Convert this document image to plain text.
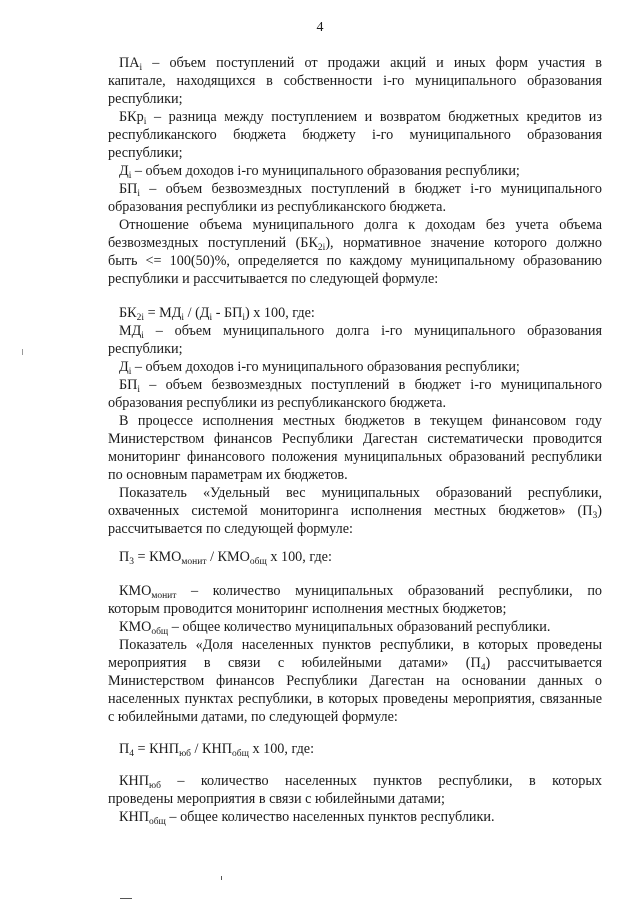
4
$ПА_i$ – объем поступлений от продажи акций и иных форм участия в
капитале, находящихся в собственности i-го муниципального образования
республики;
БКр$_i$ – разница между поступлением и возвратом бюджетных кредитов из
республиканского бюджета бюджету i-го муниципального образования
республики;
$Д_i$ – объем доходов i-го муниципального образования республики;
$БП_i$ – объем безвозмездных поступлений в бюджет i-го муниципального
образования республики из республиканского бюджета.
Отношение объема муниципального долга к доходам без учета объема
безвозмездных поступлений $(БК_{2i})$, нормативное значение которого должно
быть <= 100(50)%, определяется по каждому муниципальному образованию
республики и рассчитывается по следующей формуле:
$БК_{2i} = МД_i / (Д_i - БП_i)$ х 100, где:
$МД_i$ – объем муниципального долга i-го муниципального образования
республики;
$Д_i$ – объем доходов i-го муниципального образования республики;
$БП_i$ – объем безвозмездных поступлений в бюджет i-го муниципального
образования республики из республиканского бюджета.
В процессе исполнения местных бюджетов в текущем финансовом году
Министерством финансов Республики Дагестан систематически проводится
мониторинг финансового положения муниципальных образований республики
по основным параметрам их бюджетов.
Показатель «Удельный вес муниципальных образований республики,
охваченных системой мониторинга исполнения местных бюджетов» $(П_3)$
рассчитывается по следующей формуле:
$П_3 = КМО_{монит} / КМО_{общ}$ х 100, где:
$КМО_{монит}$ – количество муниципальных образований республики, по
которым проводится мониторинг исполнения местных бюджетов;
$КМО_{общ}$ – общее количество муниципальных образований республики.
Показатель «Доля населенных пунктов республики, в которых проведены
мероприятия в связи с юбилейными датами» $(П_4)$ рассчитывается
Министерством финансов Республики Дагестан на основании данных о
населенных пунктах республики, в которых проведены мероприятия, связанные
с юбилейными датами, по следующей формуле:
$П_4 = КНП_{юб} / КНП_{общ}$ х 100, где:
$КНП_{юб}$ – количество населенных пунктов республики, в которых
проведены мероприятия в связи с юбилейными датами;
$КНП_{общ}$ – общее количество населенных пунктов республики.
